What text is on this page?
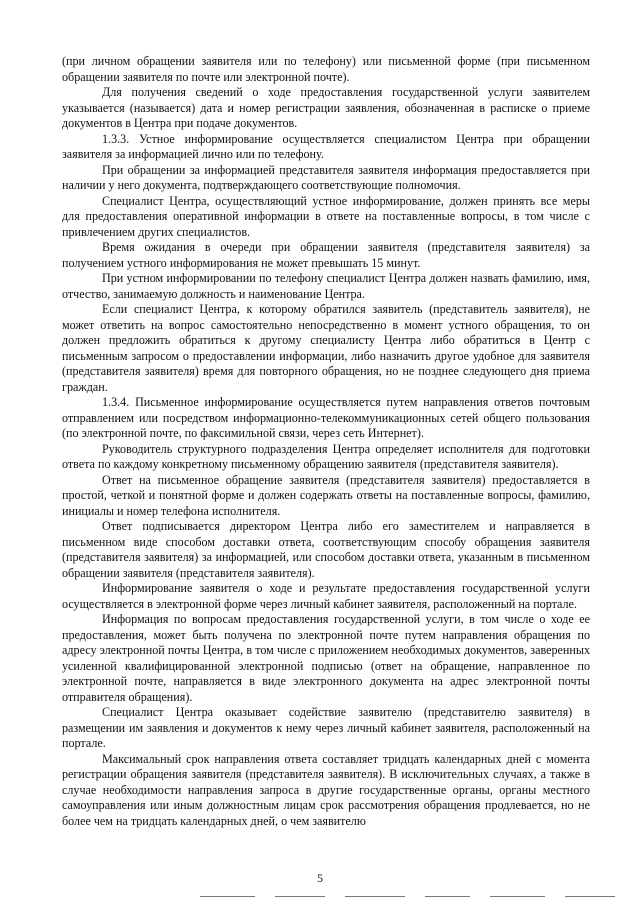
(при личном обращении заявителя или по телефону) или письменной форме (при письменном обращении заявителя по почте или электронной почте).

Для получения сведений о ходе предоставления государственной услуги заявителем указывается (называется) дата и номер регистрации заявления, обозначенная в расписке о приеме документов в Центра при подаче документов.

1.3.3. Устное информирование осуществляется специалистом Центра при обращении заявителя за информацией лично или по телефону.

При обращении за информацией представителя заявителя информация предоставляется при наличии у него документа, подтверждающего соответствующие полномочия.

Специалист Центра, осуществляющий устное информирование, должен принять все меры для предоставления оперативной информации в ответе на поставленные вопросы, в том числе с привлечением других специалистов.

Время ожидания в очереди при обращении заявителя (представителя заявителя) за получением устного информирования не может превышать 15 минут.

При устном информировании по телефону специалист Центра должен назвать фамилию, имя, отчество, занимаемую должность и наименование Центра.

Если специалист Центра, к которому обратился заявитель (представитель заявителя), не может ответить на вопрос самостоятельно непосредственно в момент устного обращения, то он должен предложить обратиться к другому специалисту Центра либо обратиться в Центр с письменным запросом о предоставлении информации, либо назначить другое удобное для заявителя (представителя заявителя) время для повторного обращения, но не позднее следующего дня приема граждан.

1.3.4. Письменное информирование осуществляется путем направления ответов почтовым отправлением или посредством информационно-телекоммуникационных сетей общего пользования (по электронной почте, по факсимильной связи, через сеть Интернет).

Руководитель структурного подразделения Центра определяет исполнителя для подготовки ответа по каждому конкретному письменному обращению заявителя (представителя заявителя).

Ответ на письменное обращение заявителя (представителя заявителя) предоставляется в простой, четкой и понятной форме и должен содержать ответы на поставленные вопросы, фамилию, инициалы и номер телефона исполнителя.

Ответ подписывается директором Центра либо его заместителем и направляется в письменном виде способом доставки ответа, соответствующим способу обращения заявителя (представителя заявителя) за информацией, или способом доставки ответа, указанным в письменном обращении заявителя (представителя заявителя).

Информирование заявителя о ходе и результате предоставления государственной услуги осуществляется в электронной форме через личный кабинет заявителя, расположенный на портале.

Информация по вопросам предоставления государственной услуги, в том числе о ходе ее предоставления, может быть получена по электронной почте путем направления обращения по адресу электронной почты Центра, в том числе с приложением необходимых документов, заверенных усиленной квалифицированной электронной подписью (ответ на обращение, направленное по электронной почте, направляется в виде электронного документа на адрес электронной почты отправителя обращения).

Специалист Центра оказывает содействие заявителю (представителю заявителя) в размещении им заявления и документов к нему через личный кабинет заявителя, расположенный на портале.

Максимальный срок направления ответа составляет тридцать календарных дней с момента регистрации обращения заявителя (представителя заявителя). В исключительных случаях, а также в случае необходимости направления запроса в другие государственные органы, органы местного самоуправления или иным должностным лицам срок рассмотрения обращения продлевается, но не более чем на тридцать календарных дней, о чем заявителю

5
